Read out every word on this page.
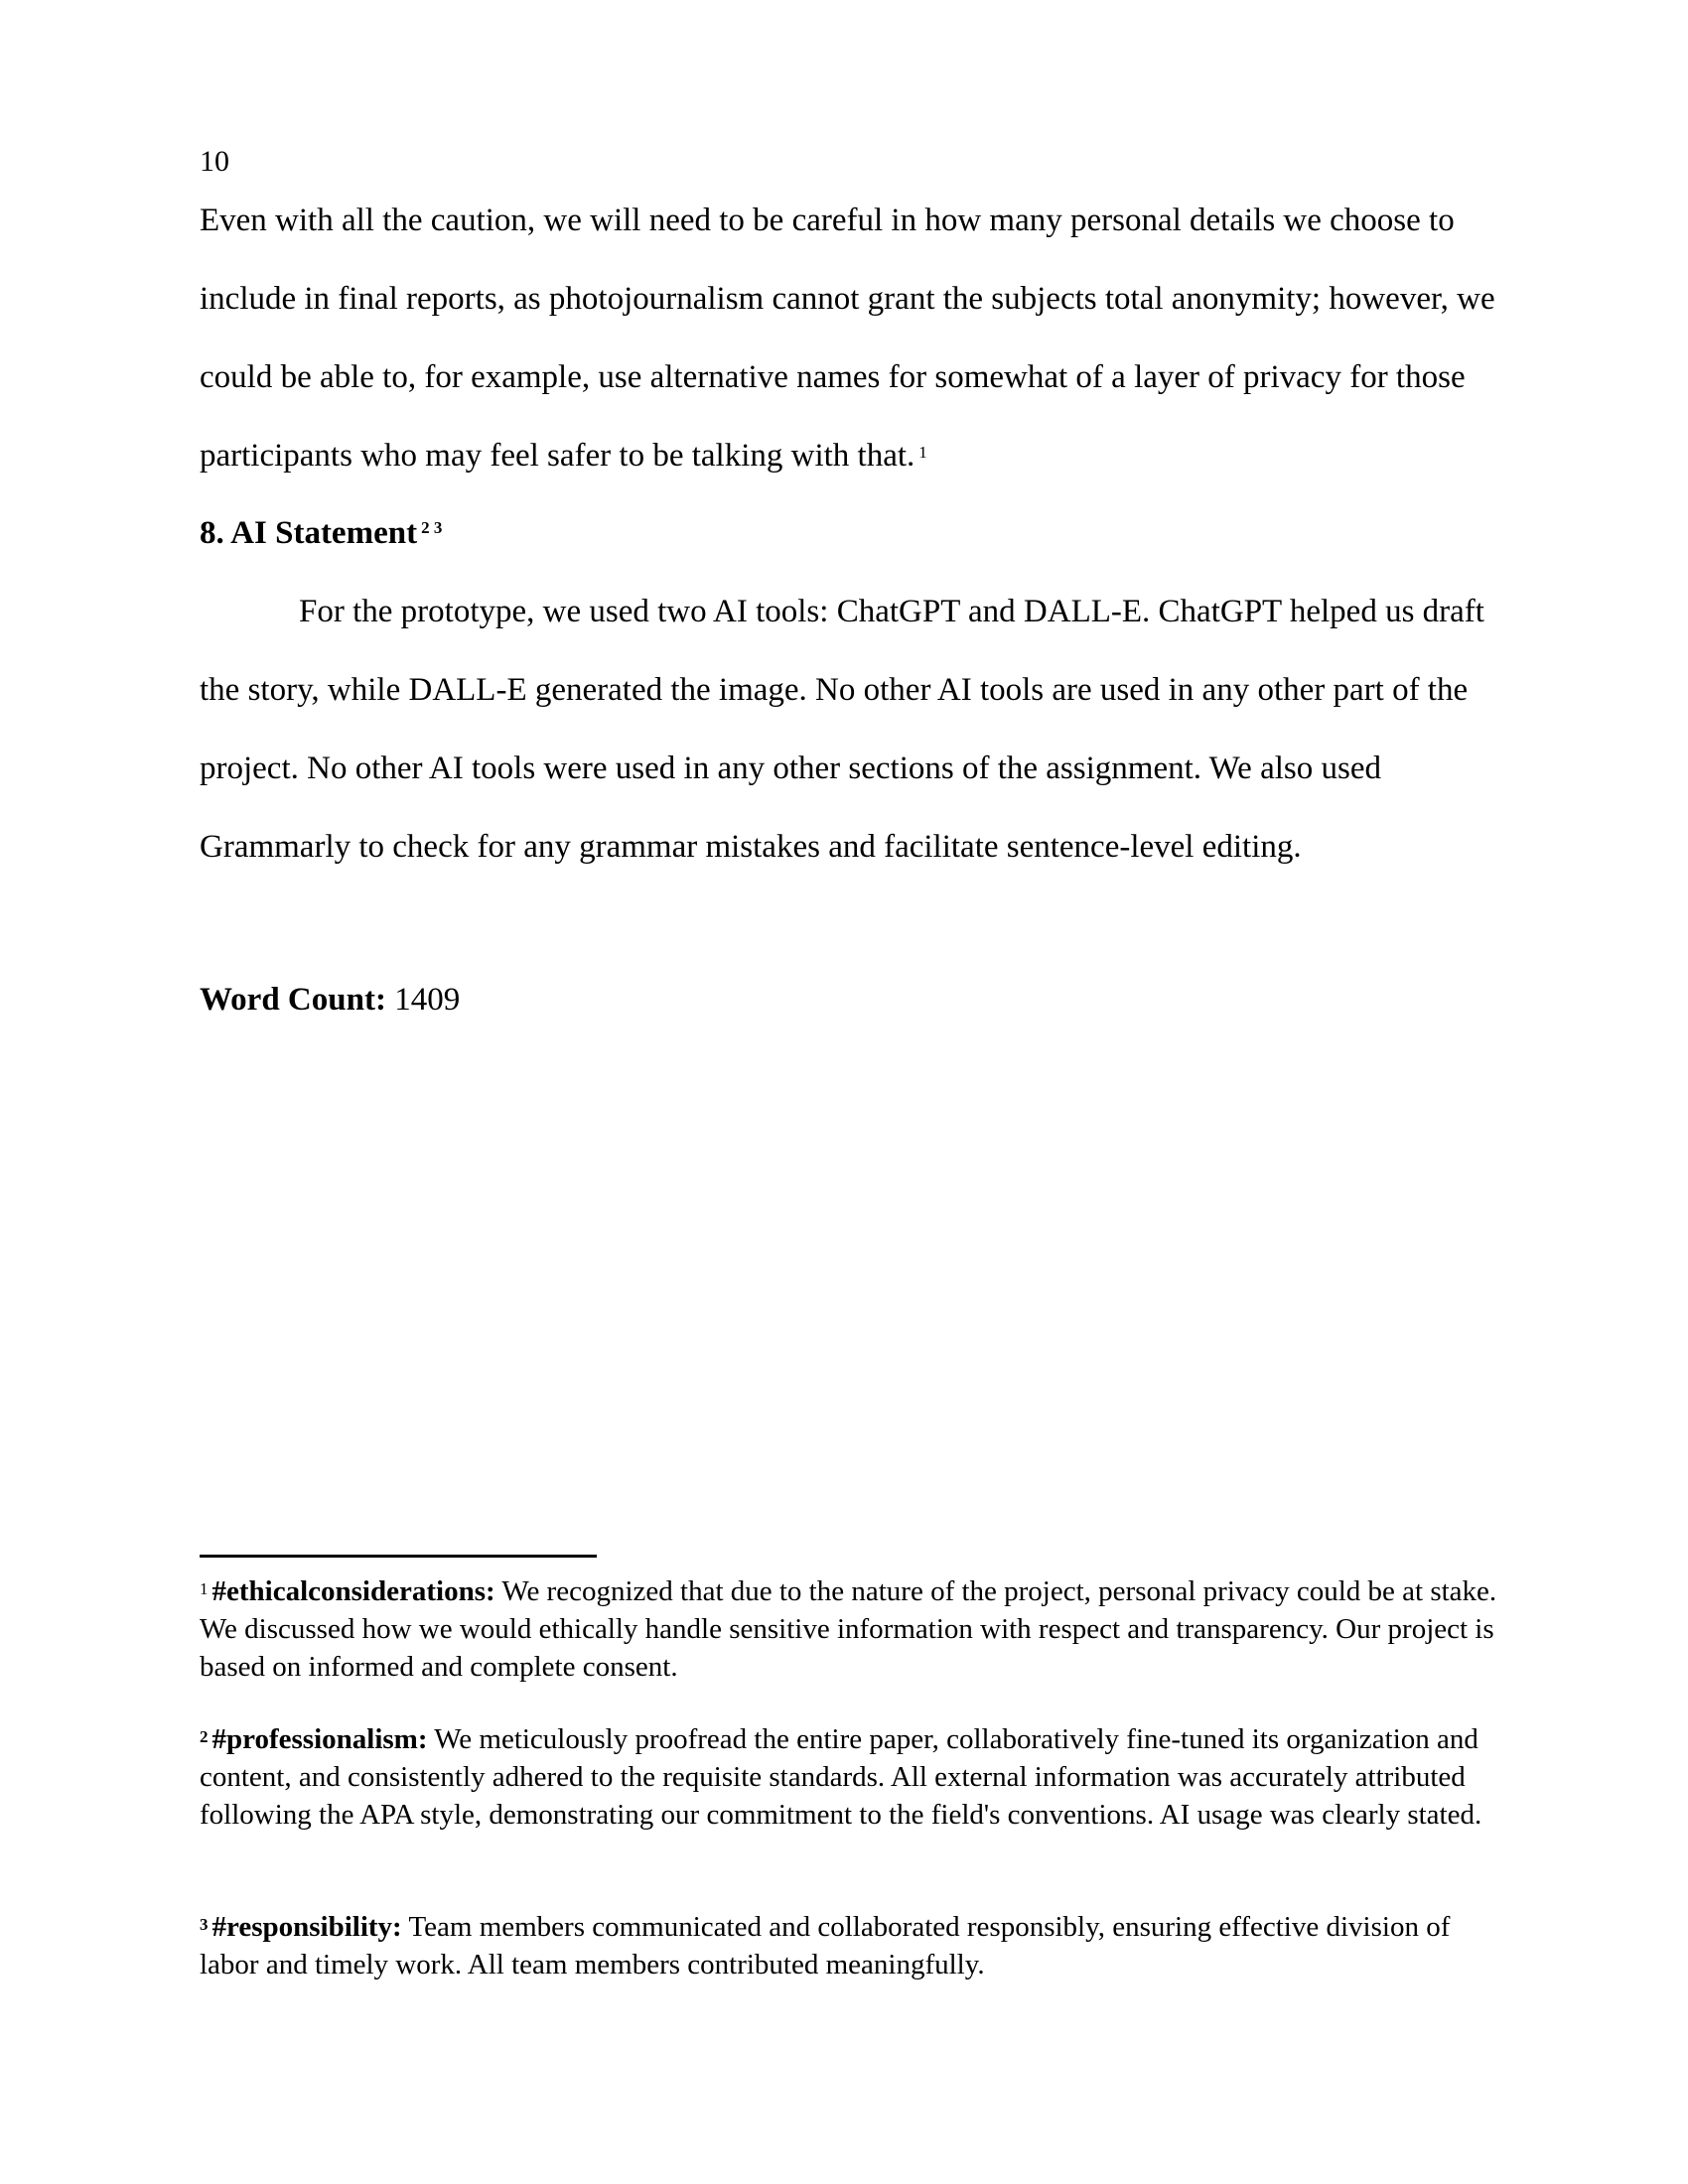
10

Even with all the caution, we will need to be careful in how many personal details we choose to include in final reports, as photojournalism cannot grant the subjects total anonymity; however, we could be able to, for example, use alternative names for somewhat of a layer of privacy for those participants who may feel safer to be talking with that. $^1$

8. AI Statement $^{2 3}$

For the prototype, we used two AI tools: ChatGPT and DALL-E. ChatGPT helped us draft the story, while DALL-E generated the image. No other AI tools are used in any other part of the project. No other AI tools were used in any other sections of the assignment. We also used Grammarly to check for any grammar mistakes and facilitate sentence-level editing.

Word Count: 1409

$^1$ #ethicalconsiderations: We recognized that due to the nature of the project, personal privacy could be at stake. We discussed how we would ethically handle sensitive information with respect and transparency. Our project is based on informed and complete consent.

$^2$ #professionalism: We meticulously proofread the entire paper, collaboratively fine-tuned its organization and content, and consistently adhered to the requisite standards. All external information was accurately attributed following the APA style, demonstrating our commitment to the field's conventions. AI usage was clearly stated.

$^3$ #responsibility: Team members communicated and collaborated responsibly, ensuring effective division of labor and timely work. All team members contributed meaningfully.
